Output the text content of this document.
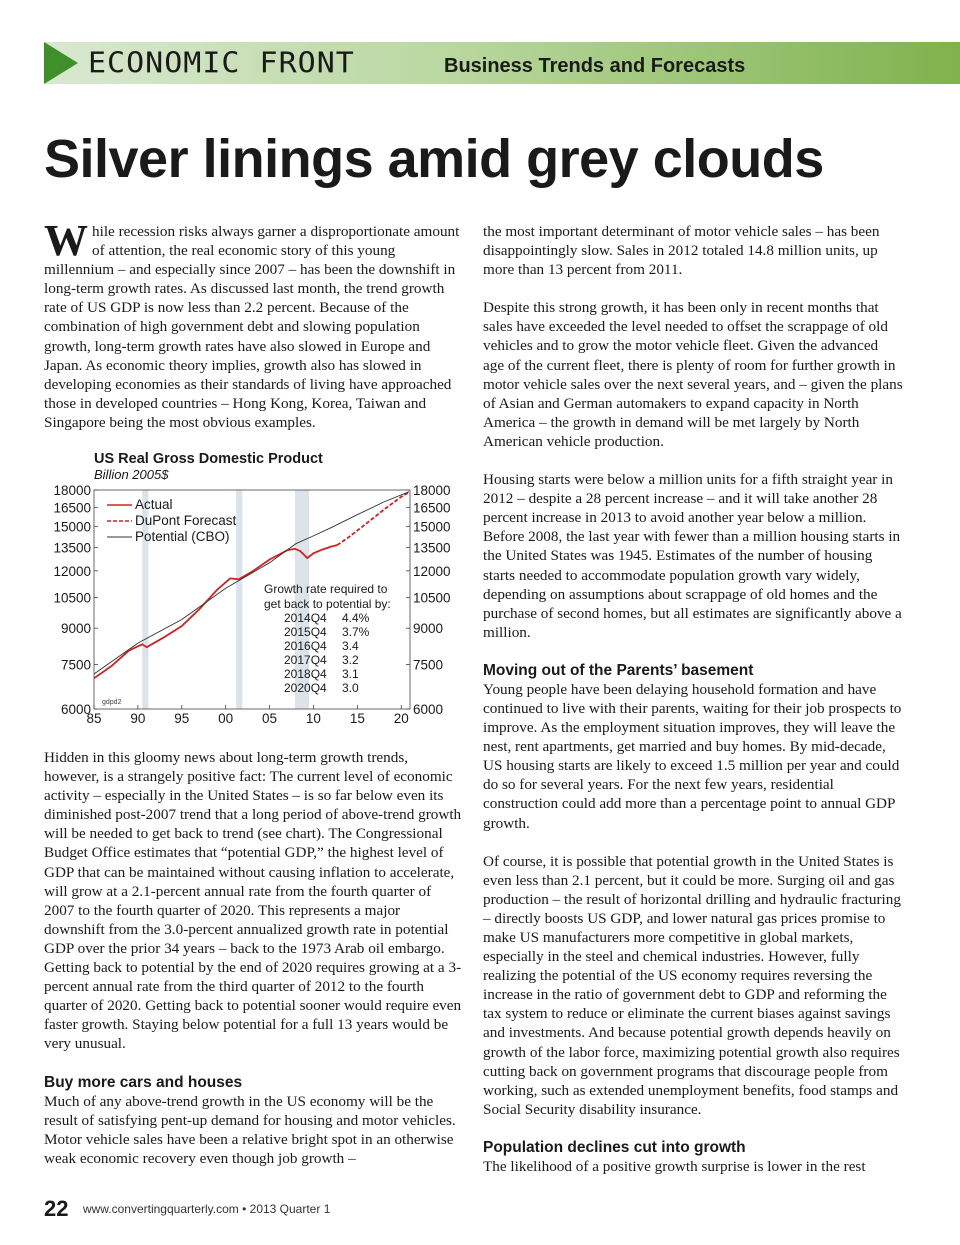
ECONOMIC FRONT	Business Trends and Forecasts
Silver linings amid grey clouds

While recession risks always garner a disproportionate amount of attention, the real economic story of this young millennium – and especially since 2007 – has been the downshift in long-term growth rates. As discussed last month, the trend growth rate of US GDP is now less than 2.2 percent. Because of the combination of high government debt and slowing population growth, long-term growth rates have also slowed in Europe and Japan. As economic theory implies, growth also has slowed in developing economies as their standards of living have approached those in developed countries – Hong Kong, Korea, Taiwan and Singapore being the most obvious examples.

US Real Gross Domestic Product
Billion 2005$
6000	6000
7500	7500
9000	9000
10500	10500
12000	12000
13500	13500
15000	15000
16500	16500
18000	18000
85 90 95 00 05 10 15 20
Actual
DuPont Forecast
Potential (CBO)
Growth rate required to
get back to potential by:
2014Q4 4.4%
2015Q4 3.7%
2016Q4 3.4
2017Q4 3.2
2018Q4 3.1
2020Q4 3.0
gdpd2

Hidden in this gloomy news about long-term growth trends, however, is a strangely positive fact: The current level of economic activity – especially in the United States – is so far below even its diminished post-2007 trend that a long period of above-trend growth will be needed to get back to trend (see chart). The Congressional Budget Office estimates that “potential GDP,” the highest level of GDP that can be maintained without causing inflation to accelerate, will grow at a 2.1-percent annual rate from the fourth quarter of 2007 to the fourth quarter of 2020. This represents a major downshift from the 3.0-percent annualized growth rate in potential GDP over the prior 34 years – back to the 1973 Arab oil embargo. Getting back to potential by the end of 2020 requires growing at a 3-percent annual rate from the third quarter of 2012 to the fourth quarter of 2020. Getting back to potential sooner would require even faster growth. Staying below potential for a full 13 years would be very unusual.

Buy more cars and houses

Much of any above-trend growth in the US economy will be the result of satisfying pent-up demand for housing and motor vehicles. Motor vehicle sales have been a relative bright spot in an otherwise weak economic recovery even though job growth –

the most important determinant of motor vehicle sales – has been disappointingly slow. Sales in 2012 totaled 14.8 million units, up more than 13 percent from 2011.

Despite this strong growth, it has been only in recent months that sales have exceeded the level needed to offset the scrappage of old vehicles and to grow the motor vehicle fleet. Given the advanced age of the current fleet, there is plenty of room for further growth in motor vehicle sales over the next several years, and – given the plans of Asian and German automakers to expand capacity in North America – the growth in demand will be met largely by North American vehicle production.

Housing starts were below a million units for a fifth straight year in 2012 – despite a 28 percent increase – and it will take another 28 percent increase in 2013 to avoid another year below a million. Before 2008, the last year with fewer than a million housing starts in the United States was 1945. Estimates of the number of housing starts needed to accommodate population growth vary widely, depending on assumptions about scrappage of old homes and the purchase of second homes, but all estimates are significantly above a million.

Moving out of the Parents’ basement

Young people have been delaying household formation and have continued to live with their parents, waiting for their job prospects to improve. As the employment situation improves, they will leave the nest, rent apartments, get married and buy homes. By mid-decade, US housing starts are likely to exceed 1.5 million per year and could do so for several years. For the next few years, residential construction could add more than a percentage point to annual GDP growth.

Of course, it is possible that potential growth in the United States is even less than 2.1 percent, but it could be more. Surging oil and gas production – the result of horizontal drilling and hydraulic fracturing – directly boosts US GDP, and lower natural gas prices promise to make US manufacturers more competitive in global markets, especially in the steel and chemical industries. However, fully realizing the potential of the US economy requires reversing the increase in the ratio of government debt to GDP and reforming the tax system to reduce or eliminate the current biases against savings and investments. And because potential growth depends heavily on growth of the labor force, maximizing potential growth also requires cutting back on government programs that discourage people from working, such as extended unemployment benefits, food stamps and Social Security disability insurance.

Population declines cut into growth

The likelihood of a positive growth surprise is lower in the rest

22 www.convertingquarterly.com • 2013 Quarter 1
